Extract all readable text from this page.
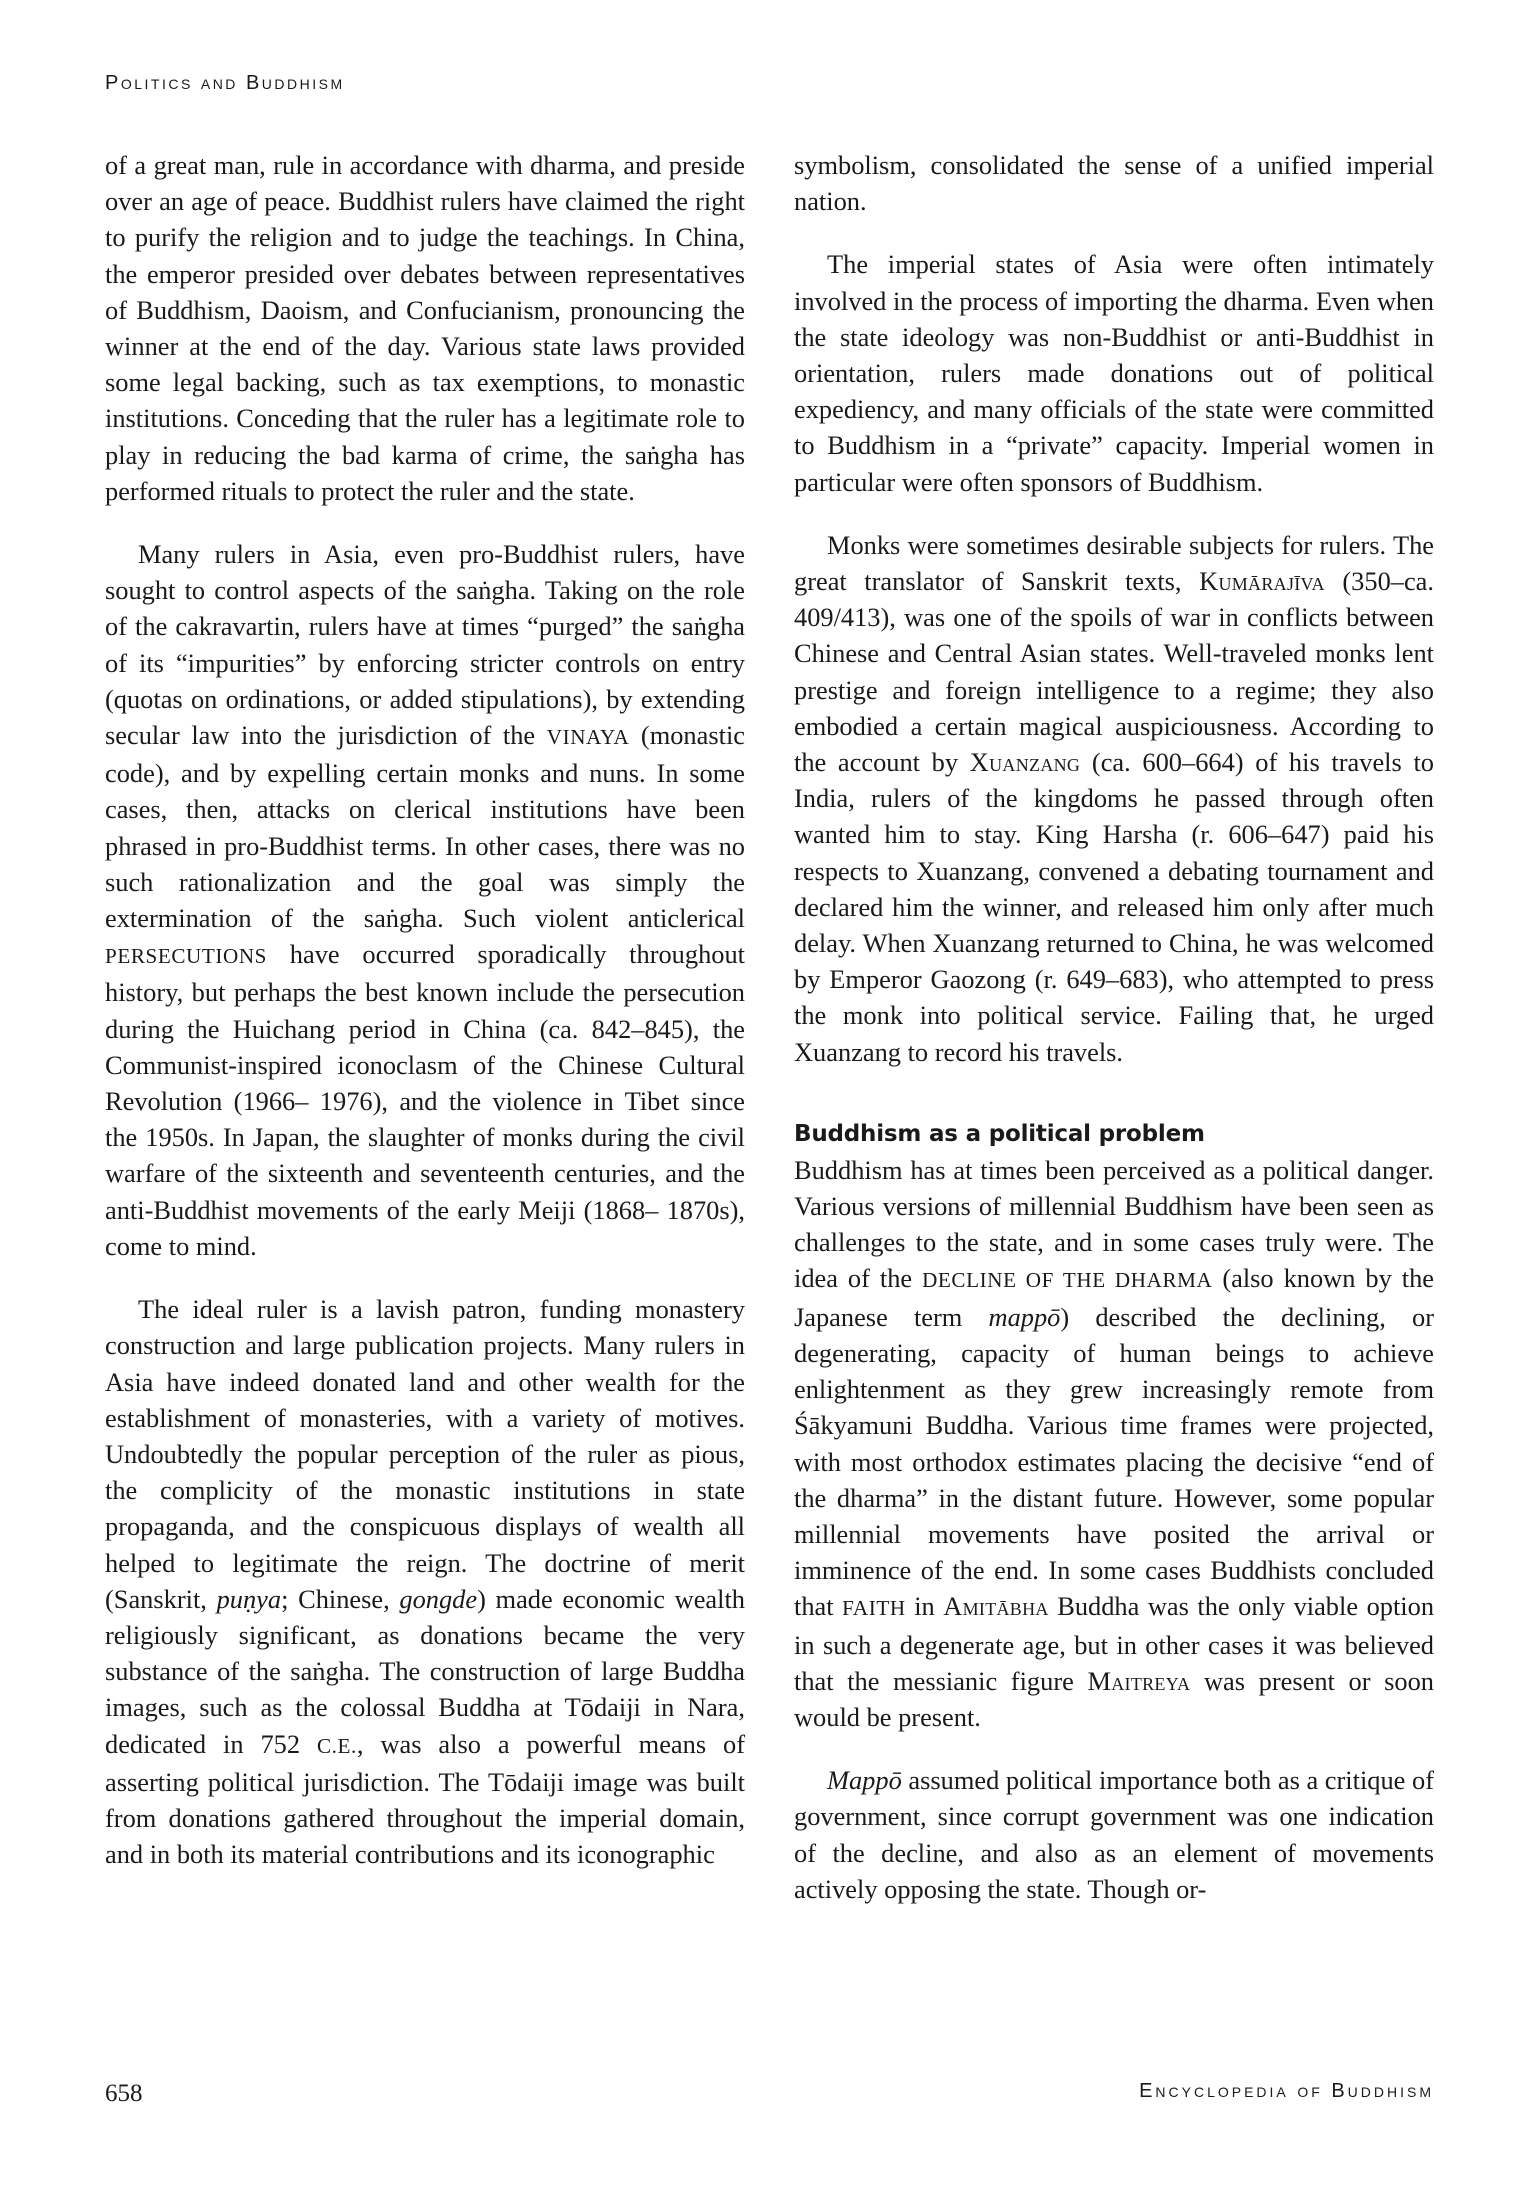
Politics and Buddhism

of a great man, rule in accordance with dharma, and preside over an age of peace. Buddhist rulers have claimed the right to purify the religion and to judge the teachings. In China, the emperor presided over debates between representatives of Buddhism, Daoism, and Confucianism, pronouncing the winner at the end of the day. Various state laws provided some legal backing, such as tax exemptions, to monastic institutions. Conceding that the ruler has a legitimate role to play in reducing the bad karma of crime, the saṅgha has performed rituals to protect the ruler and the state.

Many rulers in Asia, even pro-Buddhist rulers, have sought to control aspects of the saṅgha. Taking on the role of the cakravartin, rulers have at times “purged” the saṅgha of its “impurities” by enforcing stricter controls on entry (quotas on ordinations, or added stipulations), by extending secular law into the jurisdiction of the VINAYA (monastic code), and by expelling certain monks and nuns. In some cases, then, attacks on clerical institutions have been phrased in pro-Buddhist terms. In other cases, there was no such rationalization and the goal was simply the extermination of the saṅgha. Such violent anticlerical PERSECUTIONS have occurred sporadically throughout history, but perhaps the best known include the persecution during the Huichang period in China (ca. 842–845), the Communist-inspired iconoclasm of the Chinese Cultural Revolution (1966– 1976), and the violence in Tibet since the 1950s. In Japan, the slaughter of monks during the civil warfare of the sixteenth and seventeenth centuries, and the anti-Buddhist movements of the early Meiji (1868– 1870s), come to mind.

The ideal ruler is a lavish patron, funding monastery construction and large publication projects. Many rulers in Asia have indeed donated land and other wealth for the establishment of monasteries, with a variety of motives. Undoubtedly the popular perception of the ruler as pious, the complicity of the monastic institutions in state propaganda, and the conspicuous displays of wealth all helped to legitimate the reign. The doctrine of merit (Sanskrit, puṇya; Chinese, gongde) made economic wealth religiously significant, as donations became the very substance of the saṅgha. The construction of large Buddha images, such as the colossal Buddha at Tōdaiji in Nara, dedicated in 752 C.E., was also a powerful means of asserting political jurisdiction. The Tōdaiji image was built from donations gathered throughout the imperial domain, and in both its material contributions and its iconographic

symbolism, consolidated the sense of a unified imperial nation.

The imperial states of Asia were often intimately involved in the process of importing the dharma. Even when the state ideology was non-Buddhist or anti-Buddhist in orientation, rulers made donations out of political expediency, and many officials of the state were committed to Buddhism in a “private” capacity. Imperial women in particular were often sponsors of Buddhism.

Monks were sometimes desirable subjects for rulers. The great translator of Sanskrit texts, Kumārajīva (350–ca. 409/413), was one of the spoils of war in conflicts between Chinese and Central Asian states. Well-traveled monks lent prestige and foreign intelligence to a regime; they also embodied a certain magical auspiciousness. According to the account by Xuanzang (ca. 600–664) of his travels to India, rulers of the kingdoms he passed through often wanted him to stay. King Harsha (r. 606–647) paid his respects to Xuanzang, convened a debating tournament and declared him the winner, and released him only after much delay. When Xuanzang returned to China, he was welcomed by Emperor Gaozong (r. 649–683), who attempted to press the monk into political service. Failing that, he urged Xuanzang to record his travels.

Buddhism as a political problem

Buddhism has at times been perceived as a political danger. Various versions of millennial Buddhism have been seen as challenges to the state, and in some cases truly were. The idea of the DECLINE OF THE DHARMA (also known by the Japanese term mappō) described the declining, or degenerating, capacity of human beings to achieve enlightenment as they grew increasingly remote from Śākyamuni Buddha. Various time frames were projected, with most orthodox estimates placing the decisive “end of the dharma” in the distant future. However, some popular millennial movements have posited the arrival or imminence of the end. In some cases Buddhists concluded that FAITH in Amitābha Buddha was the only viable option in such a degenerate age, but in other cases it was believed that the messianic figure Maitreya was present or soon would be present.

Mappō assumed political importance both as a critique of government, since corrupt government was one indication of the decline, and also as an element of movements actively opposing the state. Though or-

658	Encyclopedia of Buddhism
